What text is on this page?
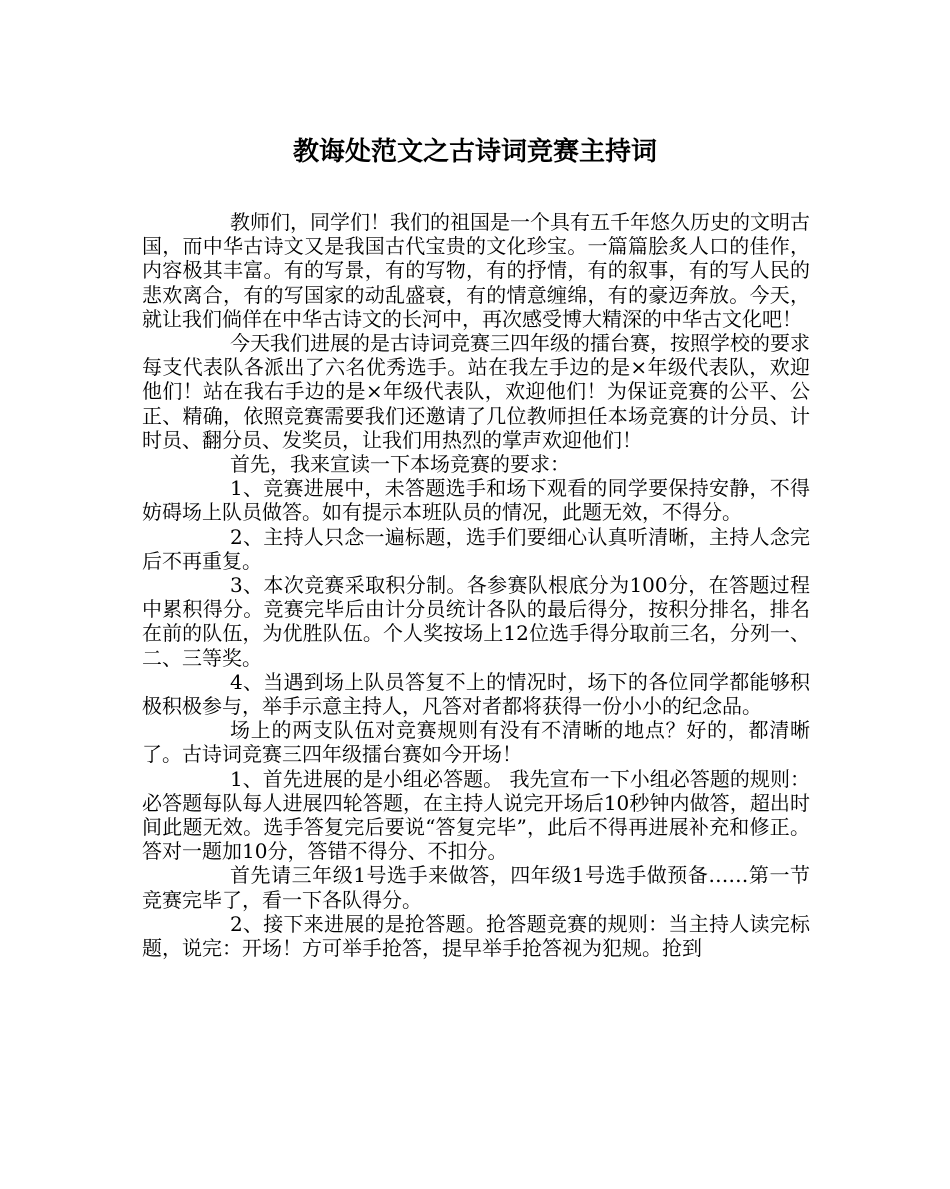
教诲处范文之古诗词竞赛主持词

教师们，同学们！我们的祖国是一个具有五千年悠久历史的文明古国，而中华古诗文又是我国古代宝贵的文化珍宝。一篇篇脍炙人口的佳作，内容极其丰富。有的写景，有的写物，有的抒情，有的叙事，有的写人民的悲欢离合，有的写国家的动乱盛衰，有的情意缠绵，有的豪迈奔放。今天，就让我们倘佯在中华古诗文的长河中，再次感受博大精深的中华古文化吧！

今天我们进展的是古诗词竞赛三四年级的擂台赛，按照学校的要求每支代表队各派出了六名优秀选手。站在我左手边的是×年级代表队，欢迎他们！站在我右手边的是×年级代表队，欢迎他们！为保证竞赛的公平、公正、精确，依照竞赛需要我们还邀请了几位教师担任本场竞赛的计分员、计时员、翻分员、发奖员，让我们用热烈的掌声欢迎他们！

首先，我来宣读一下本场竞赛的要求：

1、竞赛进展中，未答题选手和场下观看的同学要保持安静，不得妨碍场上队员做答。如有提示本班队员的情况，此题无效，不得分。

2、主持人只念一遍标题，选手们要细心认真听清晰，主持人念完后不再重复。

3、本次竞赛采取积分制。各参赛队根底分为100分，在答题过程中累积得分。竞赛完毕后由计分员统计各队的最后得分，按积分排名，排名在前的队伍，为优胜队伍。个人奖按场上12位选手得分取前三名，分列一、二、三等奖。

4、当遇到场上队员答复不上的情况时，场下的各位同学都能够积极积极参与，举手示意主持人，凡答对者都将获得一份小小的纪念品。

场上的两支队伍对竞赛规则有没有不清晰的地点？好的，都清晰了。古诗词竞赛三四年级擂台赛如今开场！

1、首先进展的是小组必答题。 我先宣布一下小组必答题的规则：必答题每队每人进展四轮答题，在主持人说完开场后10秒钟内做答，超出时间此题无效。选手答复完后要说“答复完毕”，此后不得再进展补充和修正。答对一题加10分，答错不得分、不扣分。

首先请三年级1号选手来做答，四年级1号选手做预备……第一节竞赛完毕了，看一下各队得分。

2、接下来进展的是抢答题。抢答题竞赛的规则：当主持人读完标题，说完：开场！方可举手抢答，提早举手抢答视为犯规。抢到
